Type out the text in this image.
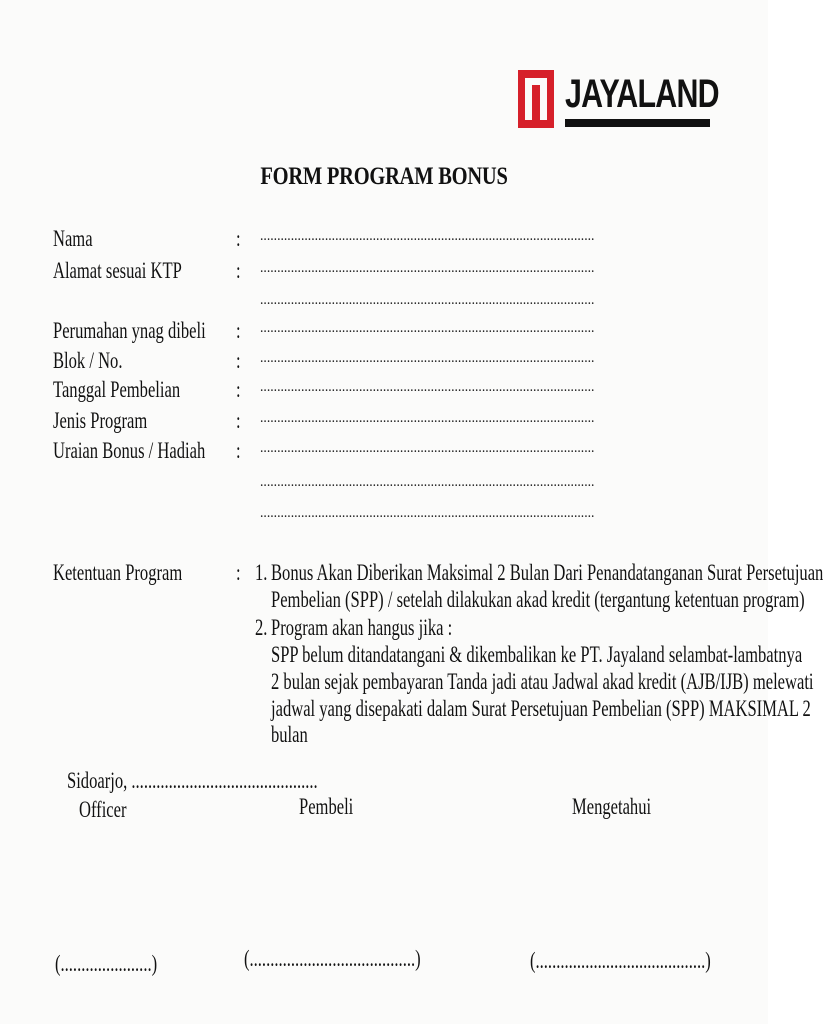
JAYALAND
FORM PROGRAM BONUS
Nama	: ..................................................................................................
Alamat sesuai KTP : ..................................................................................................
..................................................................................................
Perumahan ynag dibeli : ..................................................................................................
Blok / No.	: ..................................................................................................
Tanggal Pembelian : ..................................................................................................
Jenis Program	: ..................................................................................................
Uraian Bonus / Hadiah : ..................................................................................................
..................................................................................................
..................................................................................................
Ketentuan Program : 1. Bonus Akan Diberikan Maksimal 2 Bulan Dari Penandatanganan Surat Persetujuan
Pembelian (SPP) / setelah dilakukan akad kredit (tergantung ketentuan program)
2. Program akan hangus jika :
SPP belum ditandatangani & dikembalikan ke PT. Jayaland selambat-lambatnya
2 bulan sejak pembayaran Tanda jadi atau Jadwal akad kredit (AJB/IJB) melewati
jadwal yang disepakati dalam Surat Persetujuan Pembelian (SPP) MAKSIMAL 2
bulan
Sidoarjo, .............................................
Officer	Pembeli	Mengetahui
(......................)	(........................................)	(.........................................)
